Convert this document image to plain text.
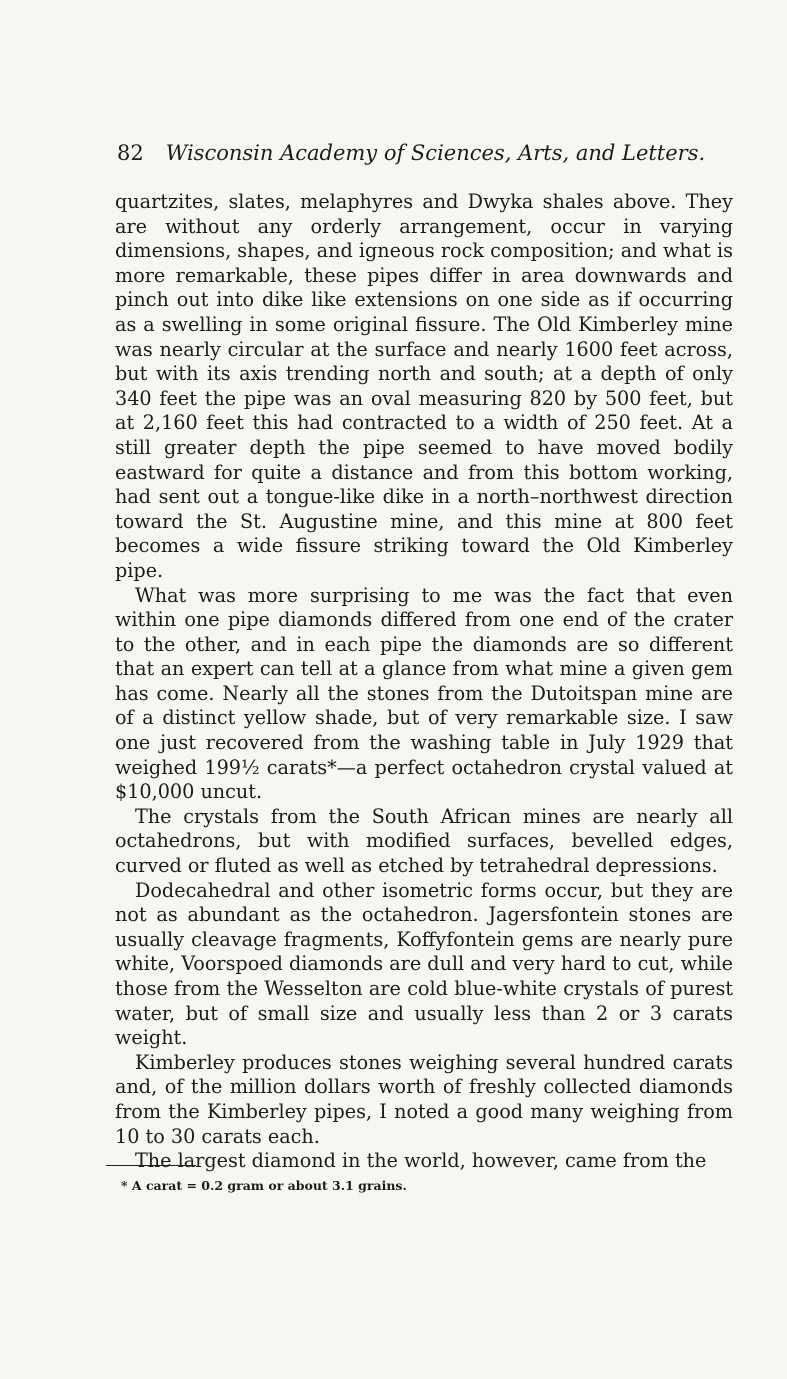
82 Wisconsin Academy of Sciences, Arts, and Letters.

quartzites, slates, melaphyres and Dwyka shales above. They are without any orderly arrangement, occur in varying dimensions, shapes, and igneous rock composition; and what is more remarkable, these pipes differ in area downwards and pinch out into dike like extensions on one side as if occurring as a swelling in some original fissure. The Old Kimberley mine was nearly circular at the surface and nearly 1600 feet across, but with its axis trending north and south; at a depth of only 340 feet the pipe was an oval measuring 820 by 500 feet, but at 2,160 feet this had contracted to a width of 250 feet. At a still greater depth the pipe seemed to have moved bodily eastward for quite a distance and from this bottom working, had sent out a tongue-like dike in a north–northwest direction toward the St. Augustine mine, and this mine at 800 feet becomes a wide fissure striking toward the Old Kimberley pipe.

What was more surprising to me was the fact that even within one pipe diamonds differed from one end of the crater to the other, and in each pipe the diamonds are so different that an expert can tell at a glance from what mine a given gem has come. Nearly all the stones from the Dutoitspan mine are of a distinct yellow shade, but of very remarkable size. I saw one just recovered from the washing table in July 1929 that weighed 199½ carats*—a perfect octahedron crystal valued at $10,000 uncut.

The crystals from the South African mines are nearly all octahedrons, but with modified surfaces, bevelled edges, curved or fluted as well as etched by tetrahedral depressions.

Dodecahedral and other isometric forms occur, but they are not as abundant as the octahedron. Jagersfontein stones are usually cleavage fragments, Koffyfontein gems are nearly pure white, Voorspoed diamonds are dull and very hard to cut, while those from the Wesselton are cold blue-white crystals of purest water, but of small size and usually less than 2 or 3 carats weight.

Kimberley produces stones weighing several hundred carats and, of the million dollars worth of freshly collected diamonds from the Kimberley pipes, I noted a good many weighing from 10 to 30 carats each.

The largest diamond in the world, however, came from the

* A carat = 0.2 gram or about 3.1 grains.
